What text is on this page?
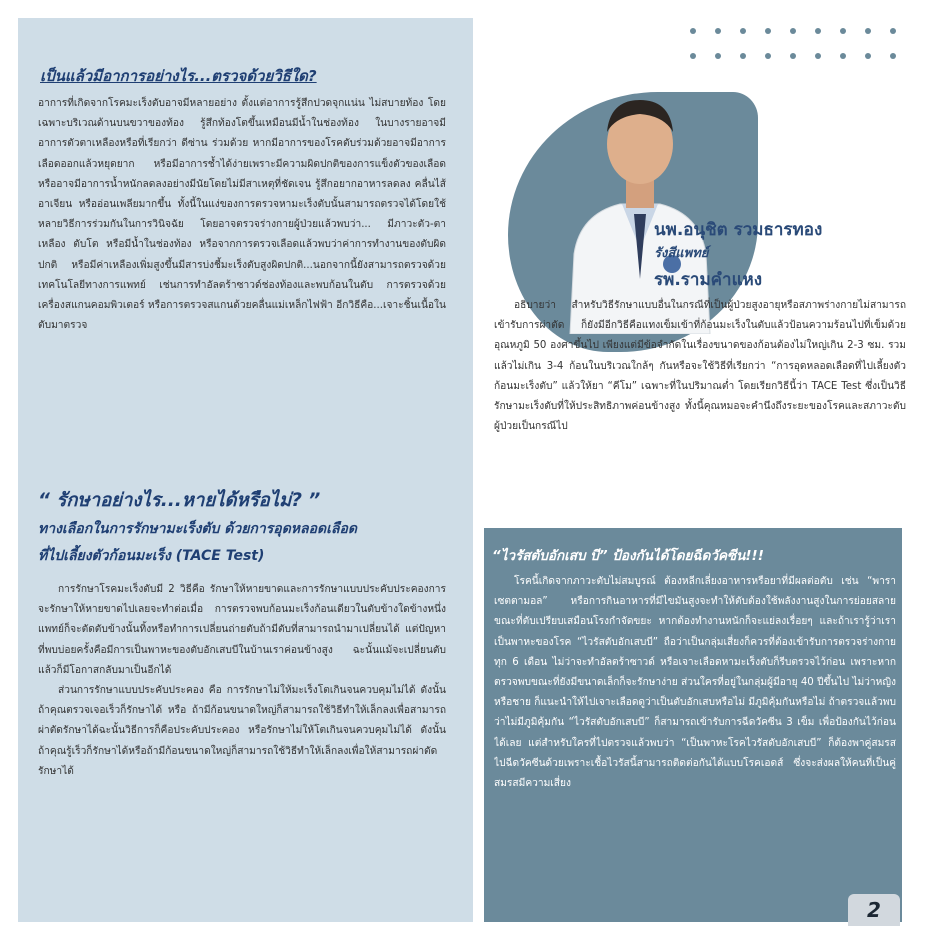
เป็นแล้วมีอาการอย่างไร...ตรวจด้วยวิธีใด?

อาการที่เกิดจากโรคมะเร็งตับอาจมีหลายอย่าง ตั้งแต่อาการรู้สึกปวดจุกแน่น ไม่สบายท้อง โดยเฉพาะบริเวณด้านบนขวาของท้อง รู้สึกท้องโตขึ้นเหมือนมีน้ำในช่องท้อง ในบางรายอาจมีอาการตัวตาเหลืองหรือที่เรียกว่า ดีซ่าน ร่วมด้วย หากมีอาการของโรคตับร่วมด้วยอาจมีอาการเลือดออกแล้วหยุดยาก หรือมีอาการช้ำได้ง่ายเพราะมีความผิดปกติของการแข็งตัวของเลือด หรืออาจมีอาการน้ำหนักลดลงอย่างมีนัยโดยไม่มีสาเหตุที่ชัดเจน รู้สึกอยากอาหารลดลง คลื่นไส้อาเจียน หรืออ่อนเพลียมากขึ้น ทั้งนี้ในแง่ของการตรวจหามะเร็งตับนั้นสามารถตรวจได้โดยใช้หลายวิธีการร่วมกันในการวินิจฉัย โดยอาจตรวจร่างกายผู้ป่วยแล้วพบว่า... มีภาวะตัว-ตาเหลือง ตับโต หรือมีน้ำในช่องท้อง หรือจากการตรวจเลือดแล้วพบว่าค่าการทำงานของตับผิดปกติ หรือมีค่าเหลืองเพิ่มสูงขึ้นมีสารบ่งชี้มะเร็งตับสูงผิดปกติ...นอกจากนี้ยังสามารถตรวจด้วยเทคโนโลยีทางการแพทย์ เช่นการทำอัลตร้าซาวด์ช่องท้องและพบก้อนในตับ การตรวจด้วยเครื่องสแกนคอมพิวเตอร์ หรือการตรวจสแกนด้วยคลื่นแม่เหล็กไฟฟ้า อีกวิธีคือ...เจาะชิ้นเนื้อในตับมาตรวจ

“ รักษาอย่างไร...หายได้หรือไม่? ”
ทางเลือกในการรักษามะเร็งตับ ด้วยการอุดหลอดเลือด
ที่ไปเลี้ยงตัวก้อนมะเร็ง (TACE Test)
การรักษาโรคมะเร็งตับมี 2 วิธีคือ รักษาให้หายขาดและการรักษาแบบประคับประคองการจะรักษาให้หายขาดไปเลยจะทำต่อเมื่อ การตรวจพบก้อนมะเร็งก้อนเดียวในตับข้างใดข้างหนึ่ง แพทย์ก็จะตัดตับข้างนั้นทิ้งหรือทำการเปลี่ยนถ่ายตับถ้ามีตับที่สามารถนำมาเปลี่ยนได้ แต่ปัญหาที่พบบ่อยครั้งคือมีการเป็นพาหะของตับอักเสบบีในบ้านเราค่อนข้างสูง ฉะนั้นแม้จะเปลี่ยนตับแล้วก็มีโอกาสกลับมาเป็นอีกได้
ส่วนการรักษาแบบประคับประคอง คือ การรักษาไม่ให้มะเร็งโตเกินจนควบคุมไม่ได้ ดังนั้นถ้าคุณตรวจเจอเร็วก็รักษาได้ หรือ ถ้ามีก้อนขนาดใหญ่ก็สามารถใช้วิธีทำให้เล็กลงเพื่อสามารถผ่าตัดรักษาได้ฉะนั้นวิธีการก็คือประคับประคอง หรือรักษาไม่ให้โตเกินจนควบคุมไม่ได้ ดังนั้นถ้าคุณรู้เร็วก็รักษาได้หรือถ้ามีก้อนขนาดใหญ่ก็สามารถใช้วิธีทำให้เล็กลงเพื่อให้สามารถผ่าตัดรักษาได้
นพ.อนุชิต รวมธารทอง
รังสีแพทย์
รพ.รามคำแหง

อธิบายว่า สำหรับวิธีรักษาแบบอื่นในกรณีที่เป็นผู้ป่วยสูงอายุหรือสภาพร่างกายไม่สามารถเข้ารับการผ่าตัด ก็ยังมีอีกวิธีคือแทงเข็มเข้าที่ก้อนมะเร็งในตับแล้วป้อนความร้อนไปที่เข็มด้วยอุณหภูมิ 50 องศาขึ้นไป เพียงแต่มีข้อจำกัดในเรื่องขนาดของก้อนต้องไม่ใหญ่เกิน 2-3 ซม. รวมแล้วไม่เกิน 3-4 ก้อนในบริเวณใกล้ๆ กันหรือจะใช้วิธีที่เรียกว่า “การอุดหลอดเลือดที่ไปเลี้ยงตัวก้อนมะเร็งตับ” แล้วให้ยา “คีโม” เฉพาะที่ในปริมาณต่ำ โดยเรียกวิธีนี้ว่า TACE Test ซึ่งเป็นวิธีรักษามะเร็งตับที่ให้ประสิทธิภาพค่อนข้างสูง ทั้งนี้คุณหมอจะคำนึงถึงระยะของโรคและสภาวะตับผู้ป่วยเป็นกรณีไป

“ไวรัสตับอักเสบ บี” ป้องกันได้โดยฉีดวัคซีน!!!

โรคนี้เกิดจากภาวะตับไม่สมบูรณ์ ต้องหลีกเลี่ยงอาหารหรือยาที่มีผลต่อตับ เช่น “พาราเซตตามอล” หรือการกินอาหารที่มีไขมันสูงจะทำให้ตับต้องใช้พลังงานสูงในการย่อยสลาย ขณะที่ตับเปรียบเสมือนโรงกำจัดขยะ หากต้องทำงานหนักก็จะแย่ลงเรื่อยๆ และถ้าเรารู้ว่าเราเป็นพาหะของโรค “ไวรัสตับอักเสบบี” ถือว่าเป็นกลุ่มเสี่ยงก็ควรที่ต้องเข้ารับการตรวจร่างกายทุก 6 เดือน ไม่ว่าจะทำอัลตร้าซาวด์ หรือเจาะเลือดหามะเร็งตับก็รีบตรวจไว้ก่อน เพราะหากตรวจพบขณะที่ยังมีขนาดเล็กก็จะรักษาง่าย ส่วนใครที่อยู่ในกลุ่มผู้มีอายุ 40 ปีขึ้นไป ไม่ว่าหญิงหรือชาย ก็แนะนำให้ไปเจาะเลือดดูว่าเป็นตับอักเสบหรือไม่ มีภูมิคุ้มกันหรือไม่ ถ้าตรวจแล้วพบว่าไม่มีภูมิคุ้มกัน “ไวรัสตับอักเสบบี” ก็สามารถเข้ารับการฉีดวัคซีน 3 เข็ม เพื่อป้องกันไว้ก่อนได้เลย แต่สำหรับใครที่ไปตรวจแล้วพบว่า “เป็นพาหะโรคไวรัสตับอักเสบบี” ก็ต้องพาคู่สมรสไปฉีดวัคซีนด้วยเพราะเชื้อไวรัสนี้สามารถติดต่อกันได้แบบโรคเอดส์ ซึ่งจะส่งผลให้คนที่เป็นคู่สมรสมีความเสี่ยง

2
